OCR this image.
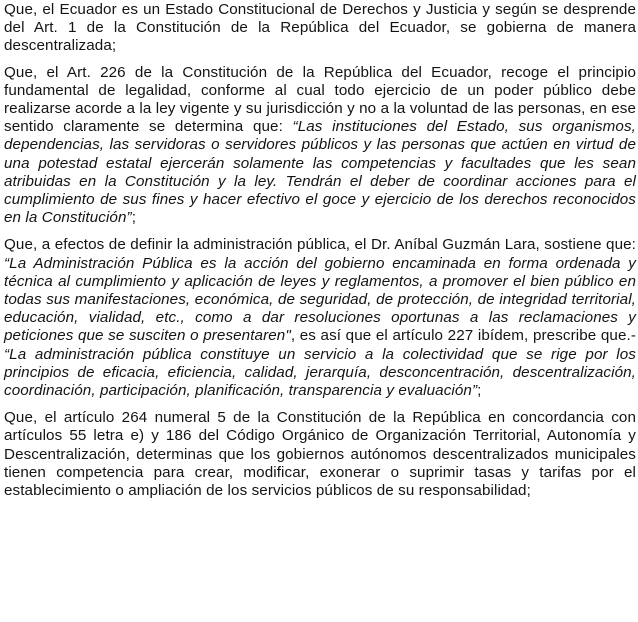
Que, el Ecuador es un Estado Constitucional de Derechos y Justicia y según se desprende del Art. 1 de la Constitución de la República del Ecuador, se gobierna de manera descentralizada;

Que, el Art. 226 de la Constitución de la República del Ecuador, recoge el principio fundamental de legalidad, conforme al cual todo ejercicio de un poder público debe realizarse acorde a la ley vigente y su jurisdicción y no a la voluntad de las personas, en ese sentido claramente se determina que: “Las instituciones del Estado, sus organismos, dependencias, las servidoras o servidores públicos y las personas que actúen en virtud de una potestad estatal ejercerán solamente las competencias y facultades que les sean atribuidas en la Constitución y la ley. Tendrán el deber de coordinar acciones para el cumplimiento de sus fines y hacer efectivo el goce y ejercicio de los derechos reconocidos en la Constitución”;

Que, a efectos de definir la administración pública, el Dr. Aníbal Guzmán Lara, sostiene que: “La Administración Pública es la acción del gobierno encaminada en forma ordenada y técnica al cumplimiento y aplicación de leyes y reglamentos, a promover el bien público en todas sus manifestaciones, económica, de seguridad, de protección, de integridad territorial, educación, vialidad, etc., como a dar resoluciones oportunas a las reclamaciones y peticiones que se susciten o presentaren", es así que el artículo 227 ibídem, prescribe que.- “La administración pública constituye un servicio a la colectividad que se rige por los principios de eficacia, eficiencia, calidad, jerarquía, desconcentración, descentralización, coordinación, participación, planificación, transparencia y evaluación”;

Que, el artículo 264 numeral 5 de la Constitución de la República en concordancia con artículos 55 letra e) y 186 del Código Orgánico de Organización Territorial, Autonomía y Descentralización, determinas que los gobiernos autónomos descentralizados municipales tienen competencia para crear, modificar, exonerar o suprimir tasas y tarifas por el establecimiento o ampliación de los servicios públicos de su responsabilidad;
